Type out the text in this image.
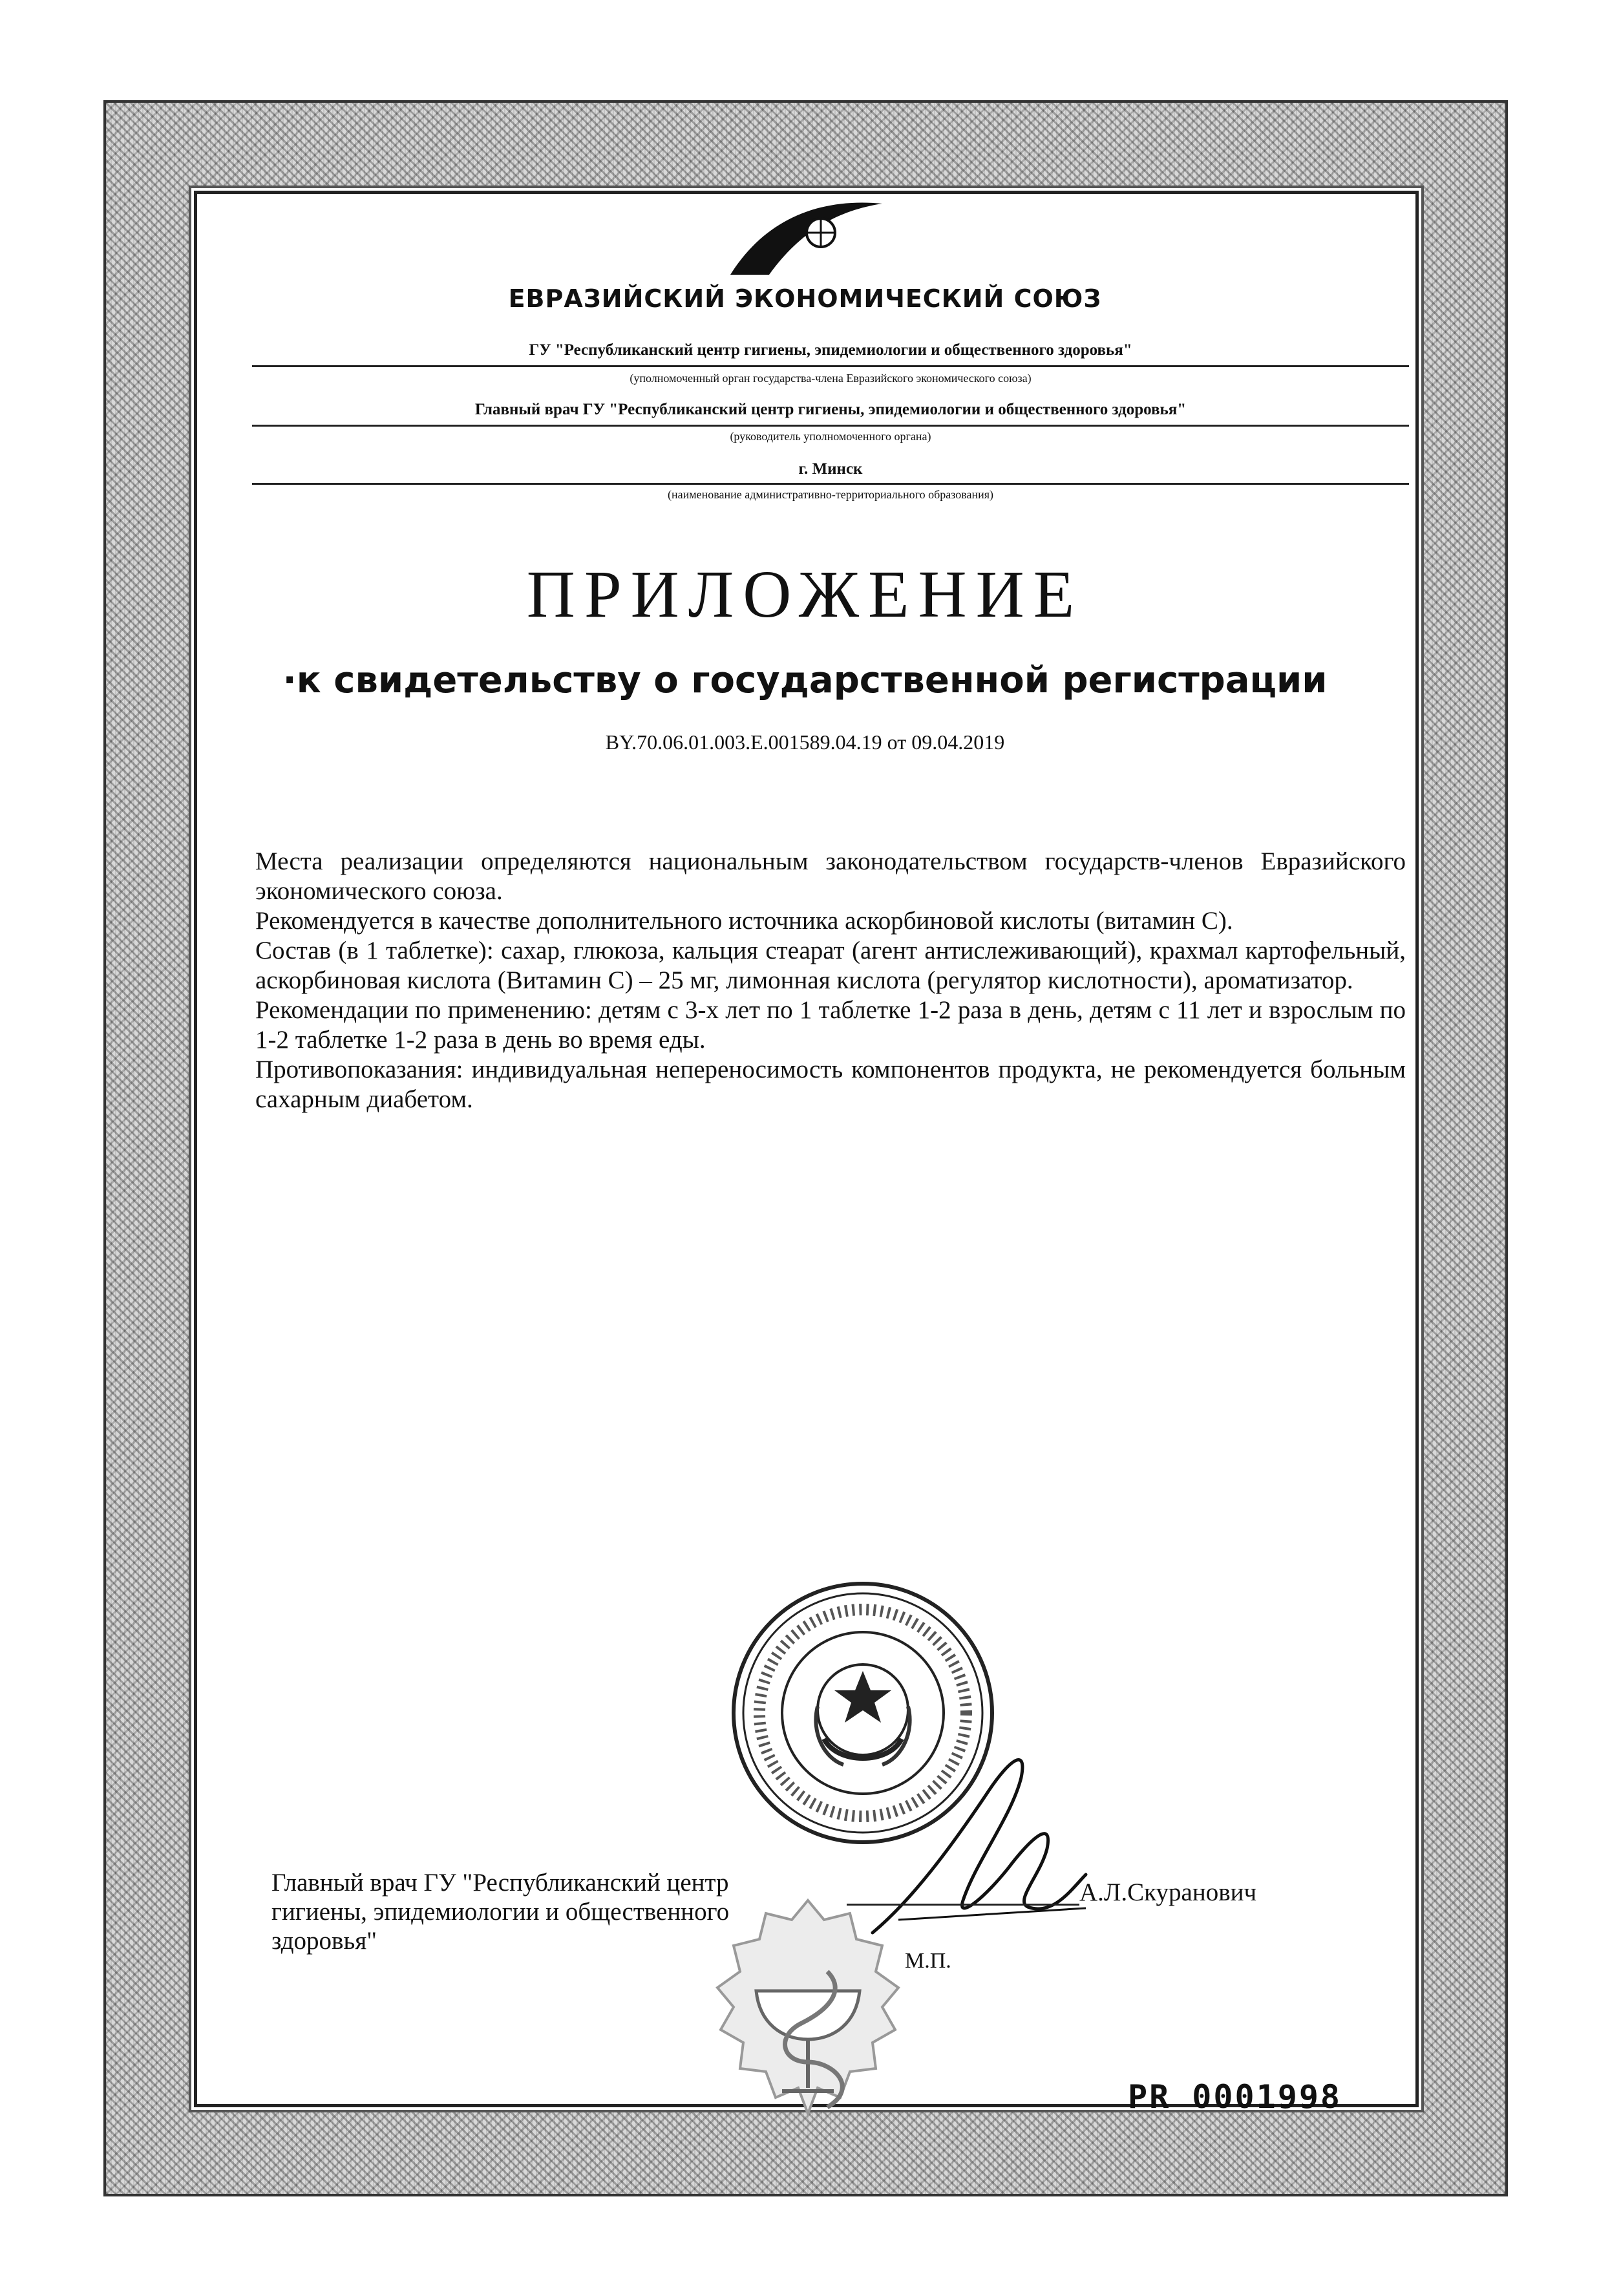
ЕВРАЗИЙСКИЙ ЭКОНОМИЧЕСКИЙ СОЮЗ
ГУ "Республиканский центр гигиены, эпидемиологии и общественного здоровья"
(уполномоченный орган государства-члена Евразийского экономического союза)
Главный врач ГУ "Республиканский центр гигиены, эпидемиологии и общественного здоровья"
(руководитель уполномоченного органа)
г. Минск
(наименование административно-территориального образования)
ПРИЛОЖЕНИЕ
·к свидетельству о государственной регистрации
BY.70.06.01.003.Е.001589.04.19 от 09.04.2019

Места реализации определяются национальным законодательством государств-членов Евразийского экономического союза.

Рекомендуется в качестве дополнительного источника аскорбиновой кислоты (витамин С).

Состав (в 1 таблетке): сахар, глюкоза, кальция стеарат (агент антислеживающий), крахмал картофельный, аскорбиновая кислота (Витамин С) – 25 мг, лимонная кислота (регулятор кислотности), ароматизатор.

Рекомендации по применению: детям с 3-х лет по 1 таблетке 1-2 раза в день, детям с 11 лет и взрослым по 1-2 таблетке 1-2 раза в день во время еды.

Противопоказания: индивидуальная непереносимость компонентов продукта, не рекомендуется больным сахарным диабетом.

Главный врач ГУ "Республиканский центр гигиены, эпидемиологии и общественного здоровья"
А.Л.Скуранович
М.П.
PR 0001998
